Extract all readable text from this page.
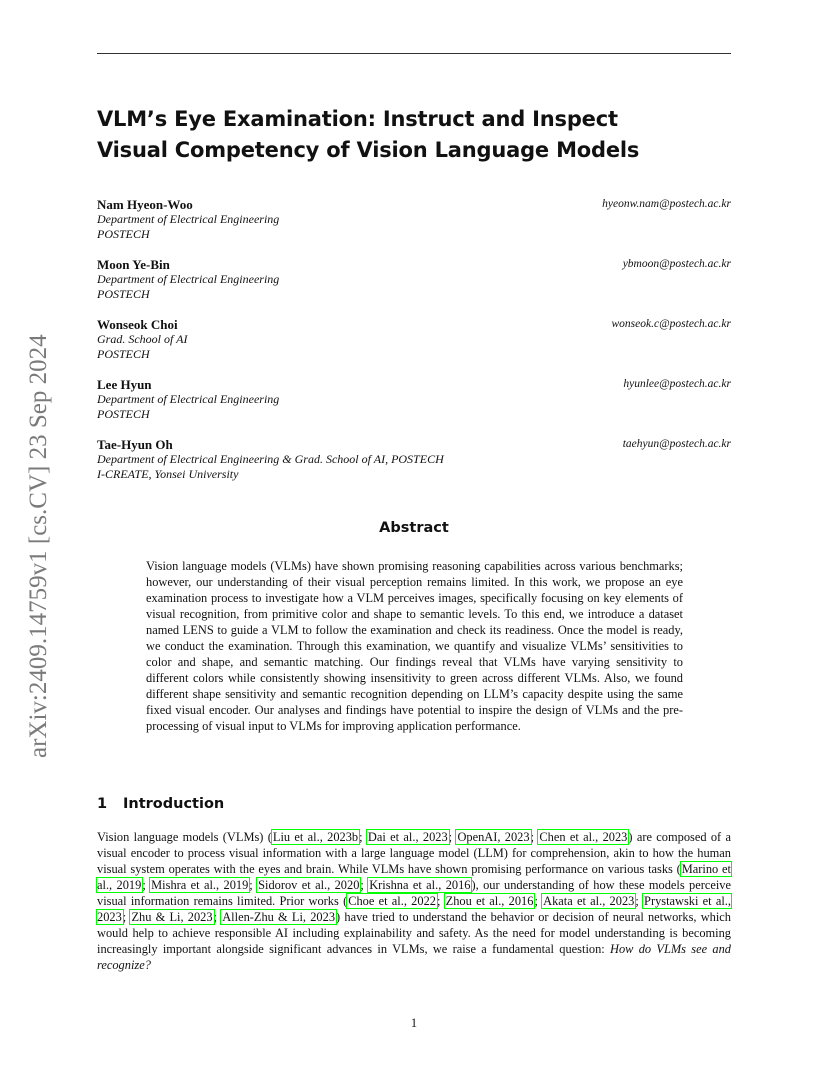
VLM’s Eye Examination: Instruct and Inspect
Visual Competency of Vision Language Models
Nam Hyeon-Woo	hyeonw.nam@postech.ac.kr
Department of Electrical Engineering
POSTECH
Moon Ye-Bin	ybmoon@postech.ac.kr
Department of Electrical Engineering
POSTECH
Wonseok Choi	wonseok.c@postech.ac.kr
Grad. School of AI
POSTECH
Lee Hyun	hyunlee@postech.ac.kr
Department of Electrical Engineering
POSTECH
Tae-Hyun Oh	taehyun@postech.ac.kr
Department of Electrical Engineering & Grad. School of AI, POSTECH
I-CREATE, Yonsei University
arXiv:2409.14759v1 [cs.CV] 23 Sep 2024	Abstract
Vision language models (VLMs) have shown promising reasoning capabilities across various benchmarks; however, our understanding of their visual perception remains limited. In this work, we propose an eye examination process to investigate how a VLM perceives images, specifically focusing on key elements of visual recognition, from primitive color and shape to semantic levels. To this end, we introduce a dataset named LENS to guide a VLM to follow the examination and check its readiness. Once the model is ready, we conduct the examination. Through this examination, we quantify and visualize VLMs’ sensitivities to color and shape, and semantic matching. Our findings reveal that VLMs have varying sensitivity to different colors while consistently showing insensitivity to green across different VLMs. Also, we found different shape sensitivity and semantic recognition depending on LLM’s capacity despite using the same fixed visual encoder. Our analyses and findings have potential to inspire the design of VLMs and the pre-processing of visual input to VLMs for improving application performance.
1 Introduction
Vision language models (VLMs) (Liu et al., 2023b; Dai et al., 2023; OpenAI, 2023; Chen et al., 2023) are composed of a visual encoder to process visual information with a large language model (LLM) for comprehension, akin to how the human visual system operates with the eyes and brain. While VLMs have shown promising performance on various tasks (Marino et al., 2019; Mishra et al., 2019; Sidorov et al., 2020; Krishna et al., 2016), our understanding of how these models perceive visual information remains limited. Prior works (Choe et al., 2022; Zhou et al., 2016; Akata et al., 2023; Prystawski et al., 2023; Zhu & Li, 2023; Allen-Zhu & Li, 2023) have tried to understand the behavior or decision of neural networks, which would help to achieve responsible AI including explainability and safety. As the need for model understanding is becoming increasingly important alongside significant advances in VLMs, we raise a fundamental question: How do VLMs see and recognize?
1
